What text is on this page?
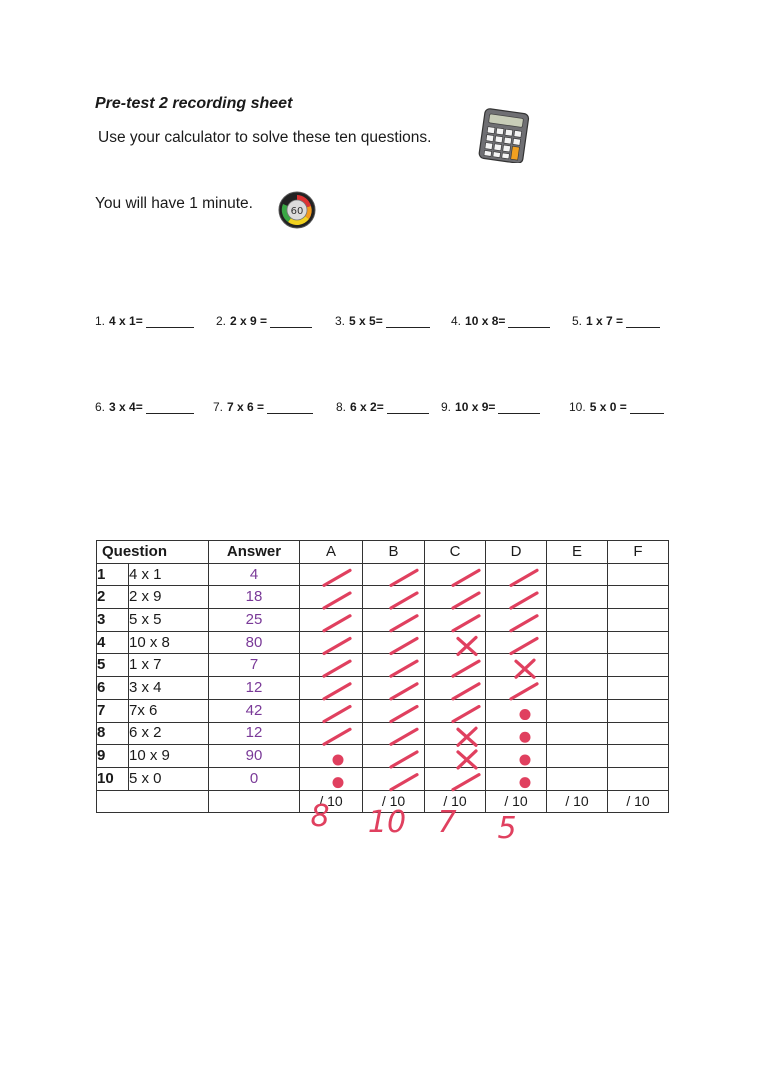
Pre-test 2 recording sheet
Use your calculator to solve these ten questions.
You will have 1 minute.	60
1. 4 x 1=	2. 2 x 9 =	3. 5 x 5=	4. 10 x 8=	5. 1 x 7 =
6. 3 x 4=	7. 7 x 6 =	8. 6 x 2=	9. 10 x 9=	10. 5 x 0 =
Question		Answer	A	B	C	D	E	F
1	4 x 1	4						
2	2 x 9	18						
3	5 x 5	25						
4	10 x 8	80						
5	1 x 7	7						
6	3 x 4	12						
7	7x 6	42						
8	6 x 2	12						
9	10 x 9	90						
10	5 x 0	0						
			/ 10	/ 10	/ 10	/ 10	/ 10	/ 10
8 10 7 5
